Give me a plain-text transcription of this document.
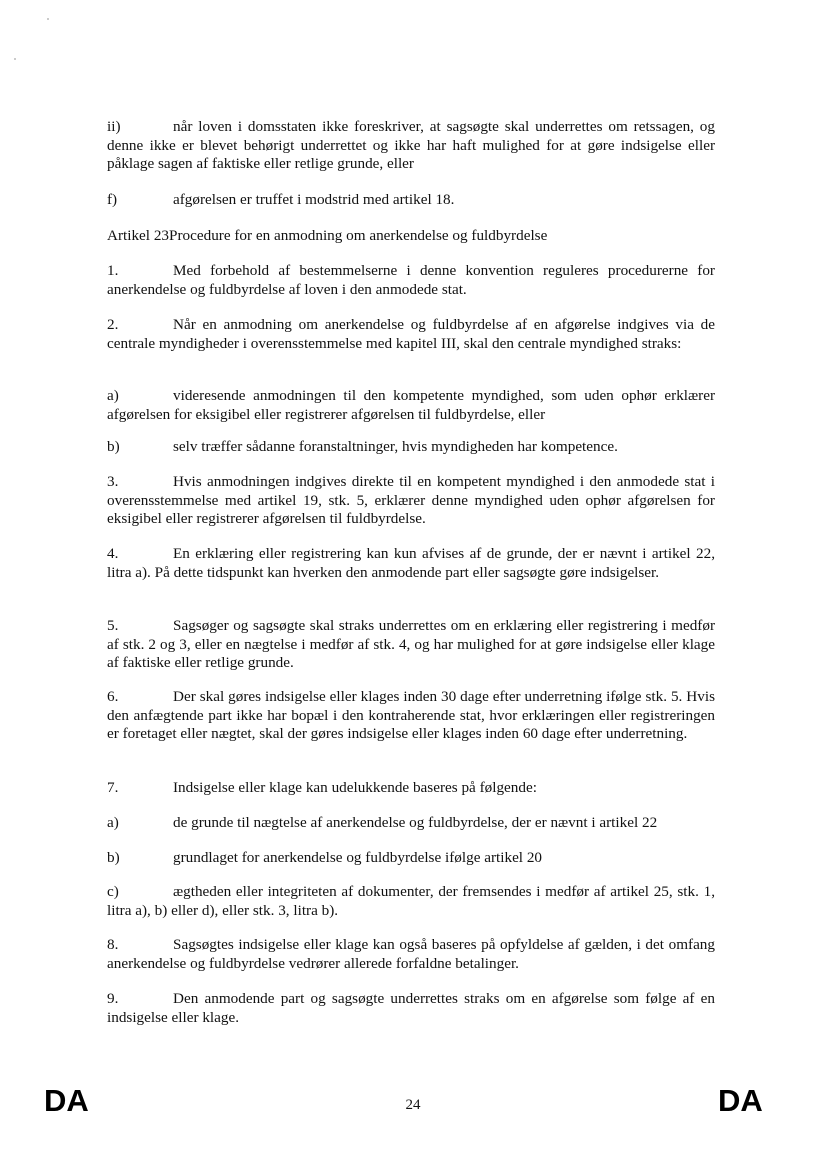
ii)	når loven i domsstaten ikke foreskriver, at sagsøgte skal underrettes om retssagen, og denne ikke er blevet behørigt underrettet og ikke har haft mulighed for at gøre indsigelse eller påklage sagen af faktiske eller retlige grunde, eller

f)	afgørelsen er truffet i modstrid med artikel 18.

Artikel 23Procedure for en anmodning om anerkendelse og fuldbyrdelse

1.	Med forbehold af bestemmelserne i denne konvention reguleres procedurerne for anerkendelse og fuldbyrdelse af loven i den anmodede stat.

2.	Når en anmodning om anerkendelse og fuldbyrdelse af en afgørelse indgives via de centrale myndigheder i overensstemmelse med kapitel III, skal den centrale myndighed straks:

a)	videresende anmodningen til den kompetente myndighed, som uden ophør erklærer afgørelsen for eksigibel eller registrerer afgørelsen til fuldbyrdelse, eller

b)	selv træffer sådanne foranstaltninger, hvis myndigheden har kompetence.

3.	Hvis anmodningen indgives direkte til en kompetent myndighed i den anmodede stat i overensstemmelse med artikel 19, stk. 5, erklærer denne myndighed uden ophør afgørelsen for eksigibel eller registrerer afgørelsen til fuldbyrdelse.

4.	En erklæring eller registrering kan kun afvises af de grunde, der er nævnt i artikel 22, litra a). På dette tidspunkt kan hverken den anmodende part eller sagsøgte gøre indsigelser.

5.	Sagsøger og sagsøgte skal straks underrettes om en erklæring eller registrering i medfør af stk. 2 og 3, eller en nægtelse i medfør af stk. 4, og har mulighed for at gøre indsigelse eller klage af faktiske eller retlige grunde.

6.	Der skal gøres indsigelse eller klages inden 30 dage efter underretning ifølge stk. 5. Hvis den anfægtende part ikke har bopæl i den kontraherende stat, hvor erklæringen eller registreringen er foretaget eller nægtet, skal der gøres indsigelse eller klages inden 60 dage efter underretning.

7.	Indsigelse eller klage kan udelukkende baseres på følgende:

a)	de grunde til nægtelse af anerkendelse og fuldbyrdelse, der er nævnt i artikel 22

b)	grundlaget for anerkendelse og fuldbyrdelse ifølge artikel 20

c)	ægtheden eller integriteten af dokumenter, der fremsendes i medfør af artikel 25, stk. 1, litra a), b) eller d), eller stk. 3, litra b).

8.	Sagsøgtes indsigelse eller klage kan også baseres på opfyldelse af gælden, i det omfang anerkendelse og fuldbyrdelse vedrører allerede forfaldne betalinger.

9.	Den anmodende part og sagsøgte underrettes straks om en afgørelse som følge af en indsigelse eller klage.

DA	24	DA
